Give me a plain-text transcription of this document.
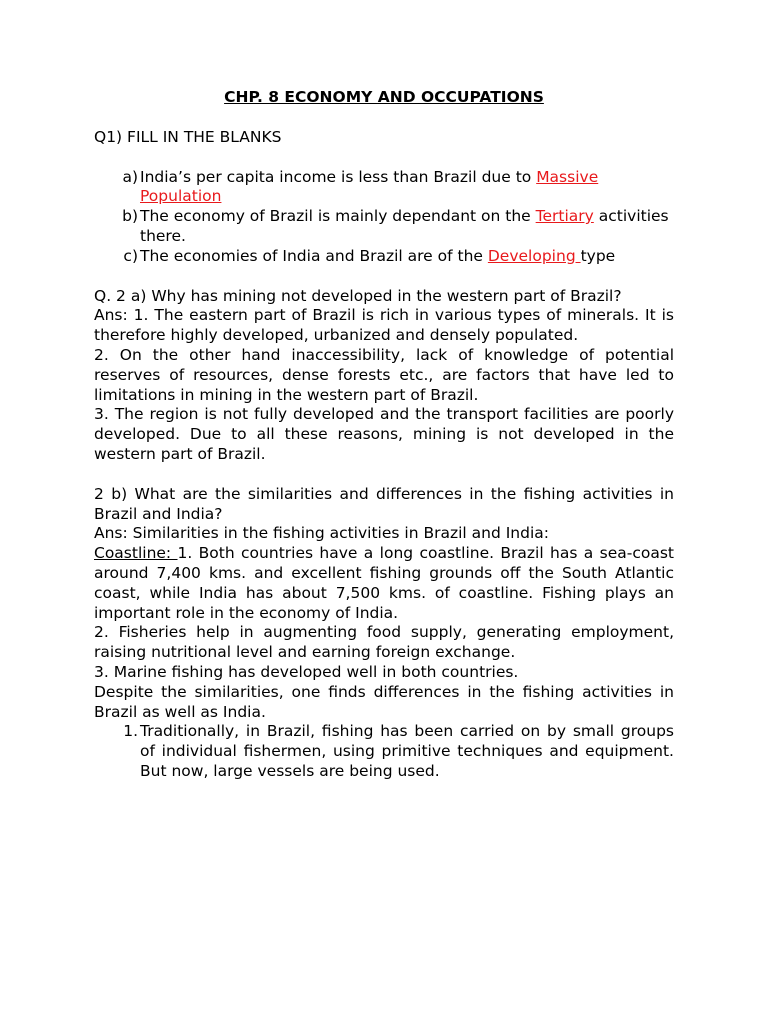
CHP. 8 ECONOMY AND OCCUPATIONS

Q1) FILL IN THE BLANKS

a) India’s per capita income is less than Brazil due to Massive Population
b) The economy of Brazil is mainly dependant on the Tertiary activities there.
c) The economies of India and Brazil are of the Developing type

Q. 2 a) Why has mining not developed in the western part of Brazil?

Ans: 1. The eastern part of Brazil is rich in various types of minerals. It is therefore highly developed, urbanized and densely populated.

2. On the other hand inaccessibility, lack of knowledge of potential reserves of resources, dense forests etc., are factors that have led to limitations in mining in the western part of Brazil.

3. The region is not fully developed and the transport facilities are poorly developed. Due to all these reasons, mining is not developed in the western part of Brazil.

2 b) What are the similarities and differences in the fishing activities in Brazil and India?

Ans: Similarities in the fishing activities in Brazil and India:

Coastline: 1. Both countries have a long coastline. Brazil has a sea-coast around 7,400 kms. and excellent fishing grounds off the South Atlantic coast, while India has about 7,500 kms. of coastline. Fishing plays an important role in the economy of India.

2. Fisheries help in augmenting food supply, generating employment, raising nutritional level and earning foreign exchange.

3. Marine fishing has developed well in both countries.

Despite the similarities, one finds differences in the fishing activities in Brazil as well as India.

1. Traditionally, in Brazil, fishing has been carried on by small groups of individual fishermen, using primitive techniques and equipment. But now, large vessels are being used.
